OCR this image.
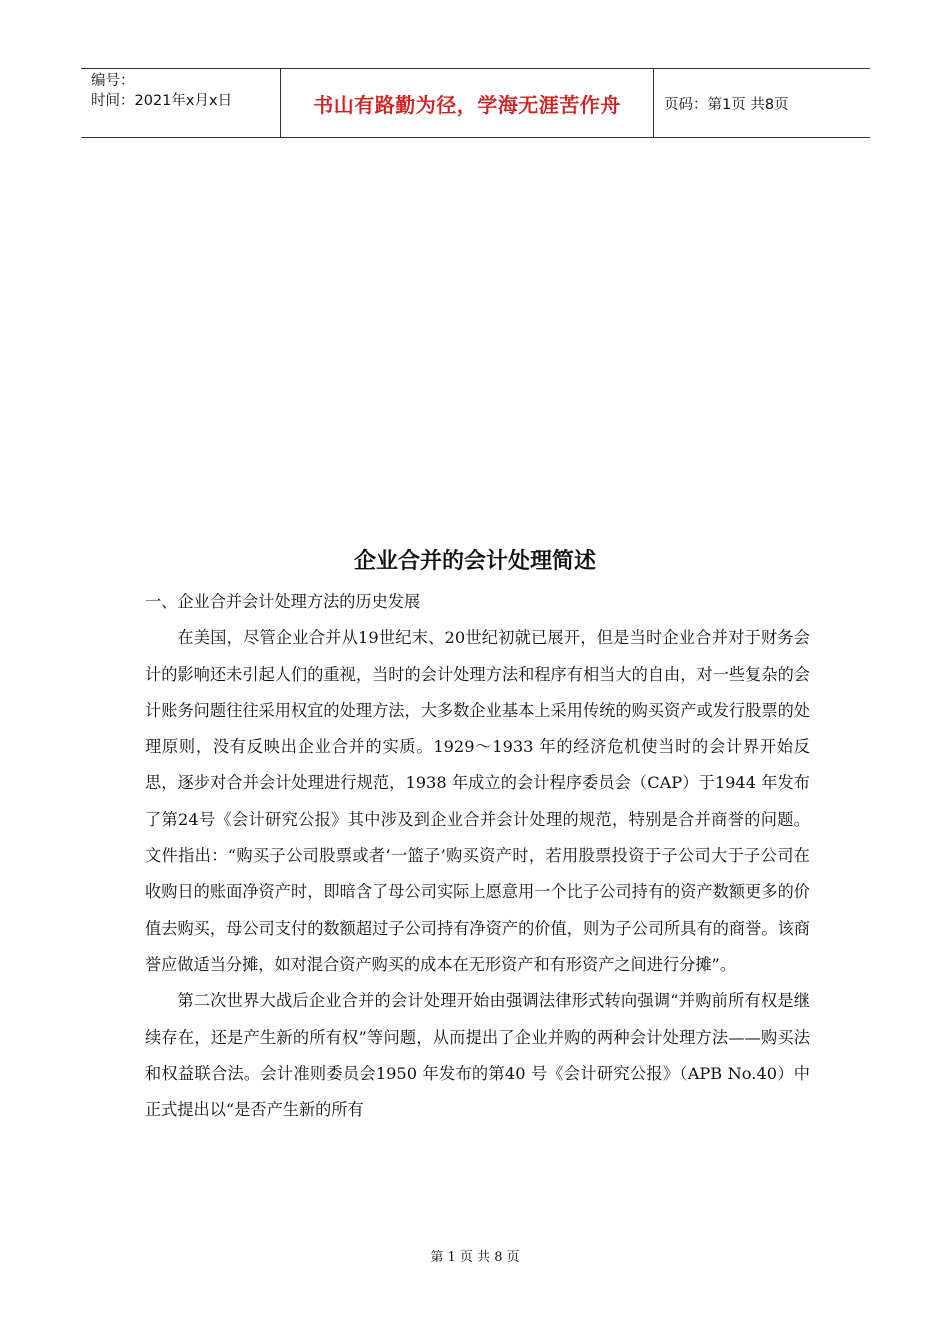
编号：
时间：2021年x月x日	书山有路勤为径，学海无涯苦作舟	页码：第1页 共8页
企业合并的会计处理简述

一、企业合并会计处理方法的历史发展

在美国，尽管企业合并从19世纪末、20世纪初就已展开，但是当时企业合并对于财务会计的影响还未引起人们的重视，当时的会计处理方法和程序有相当大的自由，对一些复杂的会计账务问题往往采用权宜的处理方法，大多数企业基本上采用传统的购买资产或发行股票的处理原则，没有反映出企业合并的实质。1929～1933 年的经济危机使当时的会计界开始反思，逐步对合并会计处理进行规范，1938 年成立的会计程序委员会（CAP）于1944 年发布了第24号《会计研究公报》其中涉及到企业合并会计处理的规范，特别是合并商誉的问题。文件指出：“购买子公司股票或者‘一篮子’购买资产时，若用股票投资于子公司大于子公司在收购日的账面净资产时，即暗含了母公司实际上愿意用一个比子公司持有的资产数额更多的价值去购买，母公司支付的数额超过子公司持有净资产的价值，则为子公司所具有的商誉。该商誉应做适当分摊，如对混合资产购买的成本在无形资产和有形资产之间进行分摊”。

第二次世界大战后企业合并的会计处理开始由强调法律形式转向强调“并购前所有权是继续存在，还是产生新的所有权”等问题，从而提出了企业并购的两种会计处理方法——购买法和权益联合法。会计准则委员会1950 年发布的第40 号《会计研究公报》（APB No.40）中正式提出以“是否产生新的所有

第 1 页 共 8 页
